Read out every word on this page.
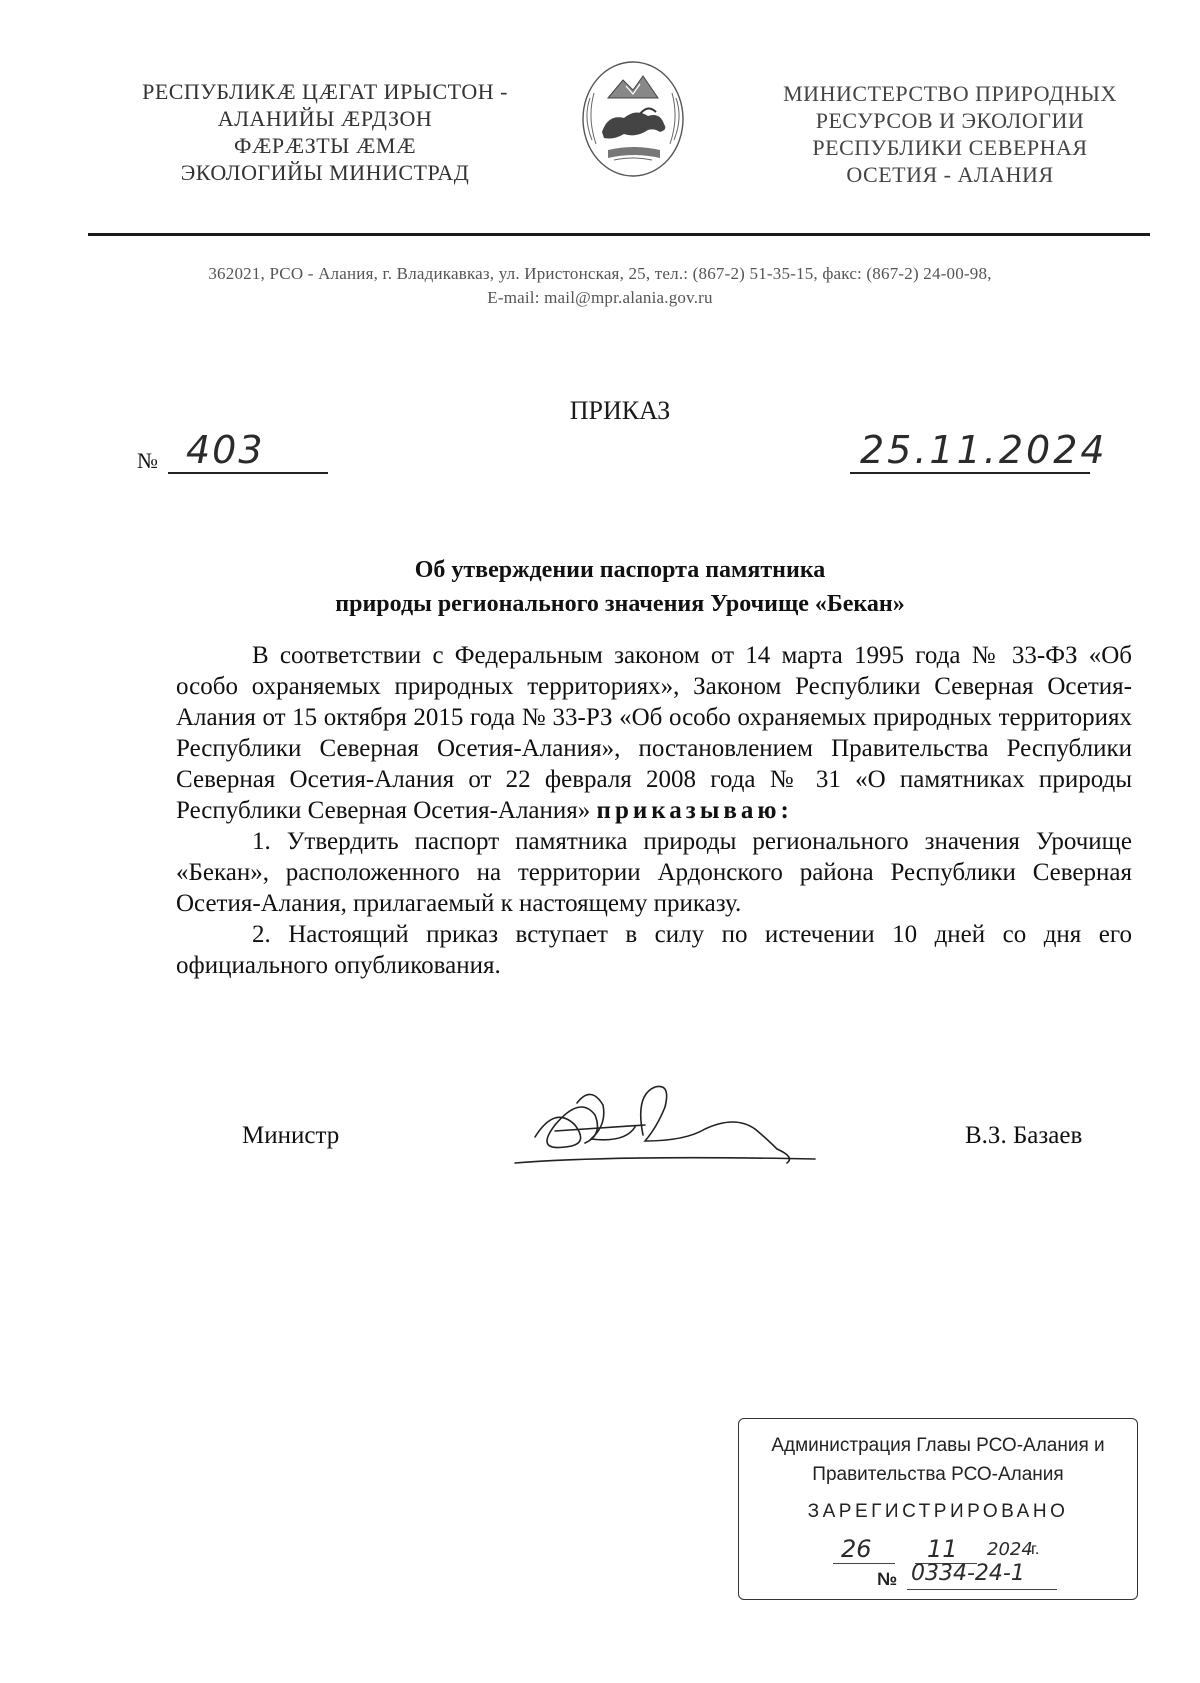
РЕСПУБЛИКӔ ЦӔГАТ ИРЫСТОН -
АЛАНИЙЫ ӔРДЗОН
ФӔРӔЗТЫ ӔМӔ
ЭКОЛОГИЙЫ МИНИСТРАД
МИНИСТЕРСТВО ПРИРОДНЫХ
РЕСУРСОВ И ЭКОЛОГИИ
РЕСПУБЛИКИ СЕВЕРНАЯ
ОСЕТИЯ - АЛАНИЯ
362021, РСО - Алания, г. Владикавказ, ул. Иристонская, 25, тел.: (867-2) 51-35-15, факс: (867-2) 24-00-98,
E-mail: mail@mpr.alania.gov.ru
ПРИКАЗ
№ 403	25.11.2024
Об утверждении паспорта памятника
природы регионального значения Урочище «Бекан»

В соответствии с Федеральным законом от 14 марта 1995 года № 33-ФЗ «Об особо охраняемых природных территориях», Законом Республики Северная Осетия-Алания от 15 октября 2015 года № 33-РЗ «Об особо охраняемых природных территориях Республики Северная Осетия-Алания», постановлением Правительства Республики Северная Осетия-Алания от 22 февраля 2008 года № 31 «О памятниках природы Республики Северная Осетия-Алания» приказываю:

1. Утвердить паспорт памятника природы регионального значения Урочище «Бекан», расположенного на территории Ардонского района Республики Северная Осетия-Алания, прилагаемый к настоящему приказу.

2. Настоящий приказ вступает в силу по истечении 10 дней со дня его официального опубликования.

Министр	В.З. Базаев
Администрация Главы РСО-Алания и
Правительства РСО-Алания
ЗАРЕГИСТРИРОВАНО
26 11 2024
г.
№ 0334-24-1
